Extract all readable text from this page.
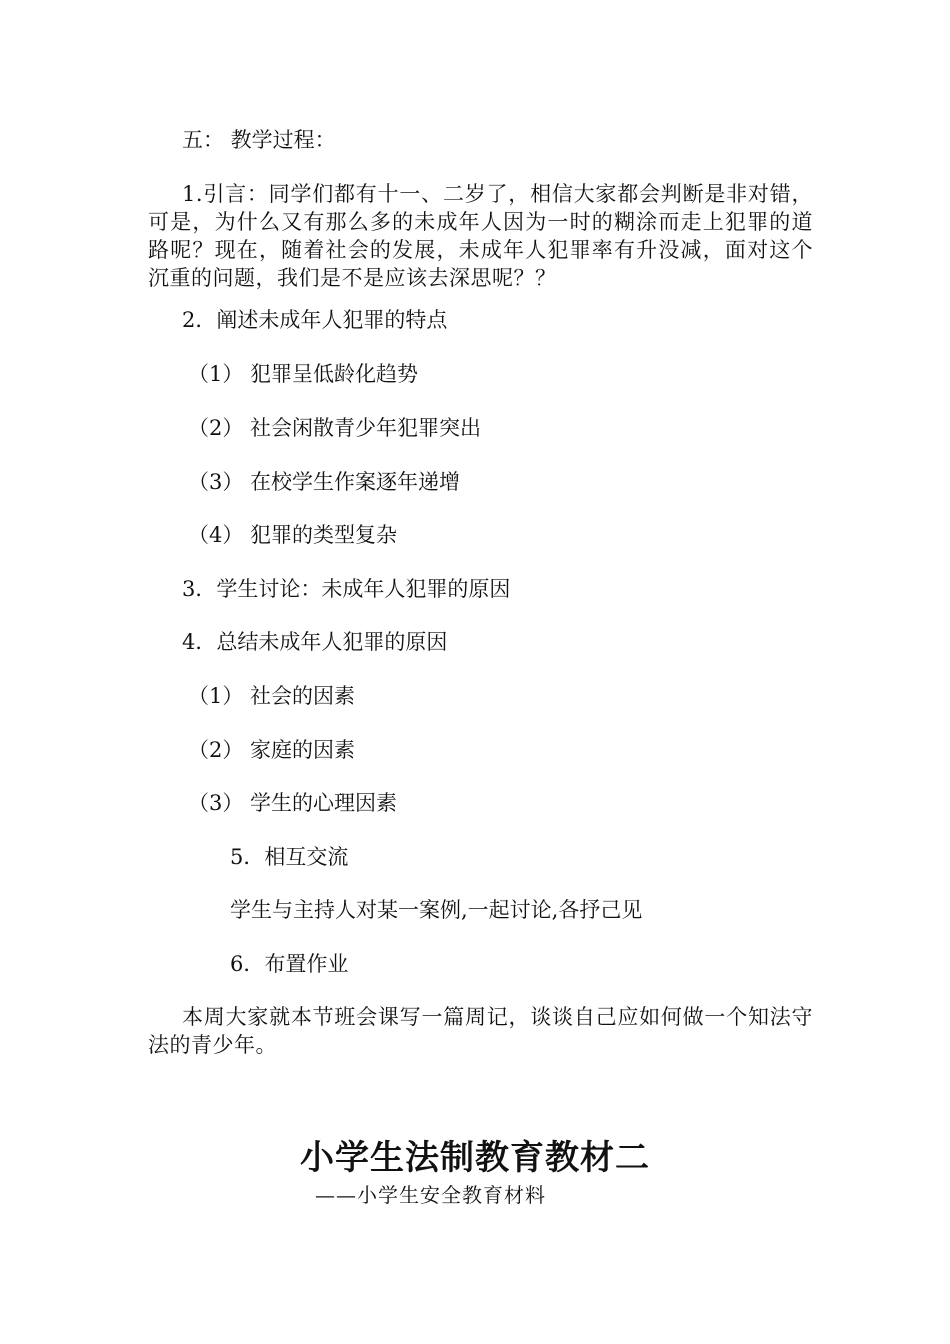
五： 教学过程：
1.引言：同学们都有十一、二岁了，相信大家都会判断是非对错，可是，为什么又有那么多的未成年人因为一时的糊涂而走上犯罪的道路呢？现在，随着社会的发展，未成年人犯罪率有升没减，面对这个沉重的问题，我们是不是应该去深思呢？？
2．阐述未成年人犯罪的特点
（1） 犯罪呈低龄化趋势
（2） 社会闲散青少年犯罪突出
（3） 在校学生作案逐年递增
（4） 犯罪的类型复杂
3．学生讨论：未成年人犯罪的原因
4．总结未成年人犯罪的原因
（1） 社会的因素
（2） 家庭的因素
（3） 学生的心理因素
5．相互交流
学生与主持人对某一案例,一起讨论,各抒己见
6．布置作业
本周大家就本节班会课写一篇周记，谈谈自己应如何做一个知法守法的青少年。
小学生法制教育教材二
——小学生安全教育材料
